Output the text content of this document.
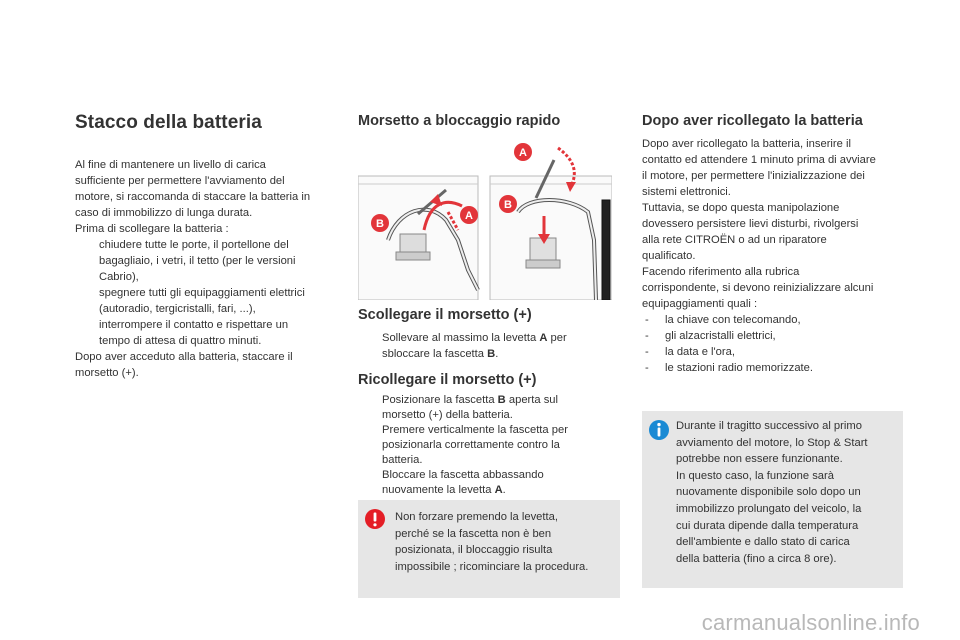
Stacco della batteria

Al fine di mantenere un livello di carica

sufficiente per permettere l'avviamento del

motore, si raccomanda di staccare la batteria in

caso di immobilizzo di lunga durata.

Prima di scollegare la batteria :

chiudere tutte le porte, il portellone del

bagagliaio, i vetri, il tetto (per le versioni

Cabrio),

spegnere tutti gli equipaggiamenti elettrici

(autoradio, tergicristalli, fari, ...),

interrompere il contatto e rispettare un

tempo di attesa di quattro minuti.

Dopo aver acceduto alla batteria, staccare il

morsetto (+).

Morsetto a bloccaggio rapido
B
A
A
B
Scollegare il morsetto (+)

Sollevare al massimo la levetta A per

sbloccare la fascetta B.

Ricollegare il morsetto (+)

Posizionare la fascetta B aperta sul

morsetto (+) della batteria.

Premere verticalmente la fascetta per

posizionarla correttamente contro la

batteria.

Bloccare la fascetta abbassando

nuovamente la levetta A.

Non forzare premendo la levetta,

perché se la fascetta non è ben

posizionata, il bloccaggio risulta

impossibile ; ricominciare la procedura.

Dopo aver ricollegato la batteria

Dopo aver ricollegato la batteria, inserire il

contatto ed attendere 1 minuto prima di avviare

il motore, per permettere l'inizializzazione dei

sistemi elettronici.

Tuttavia, se dopo questa manipolazione

dovessero persistere lievi disturbi, rivolgersi

alla rete CITROËN o ad un riparatore

qualificato.

Facendo riferimento alla rubrica

corrispondente, si devono reinizializzare alcuni

equipaggiamenti quali :

- la chiave con telecomando,

- gli alzacristalli elettrici,

- la data e l'ora,

- le stazioni radio memorizzate.

Durante il tragitto successivo al primo

avviamento del motore, lo Stop & Start

potrebbe non essere funzionante.

In questo caso, la funzione sarà

nuovamente disponibile solo dopo un

immobilizzo prolungato del veicolo, la

cui durata dipende dalla temperatura

dell'ambiente e dallo stato di carica

della batteria (fino a circa 8 ore).

carmanualsonline.info
